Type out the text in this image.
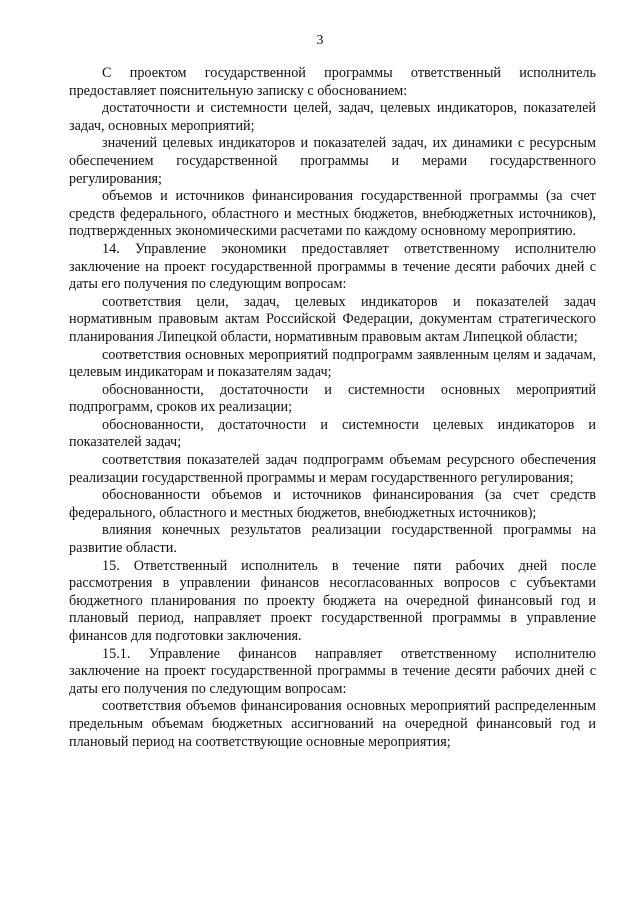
3

С проектом государственной программы ответственный исполнитель предоставляет пояснительную записку с обоснованием:

достаточности и системности целей, задач, целевых индикаторов, показателей задач, основных мероприятий;

значений целевых индикаторов и показателей задач, их динамики с ресурсным обеспечением государственной программы и мерами государственного регулирования;

объемов и источников финансирования государственной программы (за счет средств федерального, областного и местных бюджетов, внебюджетных источников), подтвержденных экономическими расчетами по каждому основному мероприятию.

14. Управление экономики предоставляет ответственному исполнителю заключение на проект государственной программы в течение десяти рабочих дней с даты его получения по следующим вопросам:

соответствия цели, задач, целевых индикаторов и показателей задач нормативным правовым актам Российской Федерации, документам стратегического планирования Липецкой области, нормативным правовым актам Липецкой области;

соответствия основных мероприятий подпрограмм заявленным целям и задачам, целевым индикаторам и показателям задач;

обоснованности, достаточности и системности основных мероприятий подпрограмм, сроков их реализации;

обоснованности, достаточности и системности целевых индикаторов и показателей задач;

соответствия показателей задач подпрограмм объемам ресурсного обеспечения реализации государственной программы и мерам государственного регулирования;

обоснованности объемов и источников финансирования (за счет средств федерального, областного и местных бюджетов, внебюджетных источников);

влияния конечных результатов реализации государственной программы на развитие области.

15. Ответственный исполнитель в течение пяти рабочих дней после рассмотрения в управлении финансов несогласованных вопросов с субъектами бюджетного планирования по проекту бюджета на очередной финансовый год и плановый период, направляет проект государственной программы в управление финансов для подготовки заключения.

15.1. Управление финансов направляет ответственному исполнителю заключение на проект государственной программы в течение десяти рабочих дней с даты его получения по следующим вопросам:

соответствия объемов финансирования основных мероприятий распределенным предельным объемам бюджетных ассигнований на очередной финансовый год и плановый период на соответствующие основные мероприятия;
